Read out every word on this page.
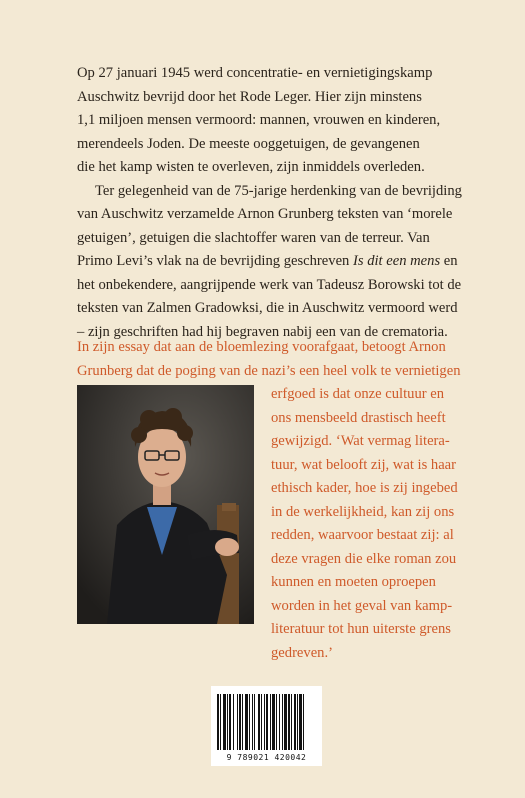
Op 27 januari 1945 werd concentratie- en vernietigingskamp
Auschwitz bevrijd door het Rode Leger. Hier zijn minstens
1,1 miljoen mensen vermoord: mannen, vrouwen en kinderen,
merendeels Joden. De meeste ooggetuigen, de gevangenen
die het kamp wisten te overleven, zijn inmiddels overleden.
Ter gelegenheid van de 75-jarige herdenking van de bevrijding
van Auschwitz verzamelde Arnon Grunberg teksten van ‘morele
getuigen’, getuigen die slachtoffer waren van de terreur. Van
Primo Levi’s vlak na de bevrijding geschreven Is dit een mens en
het onbekendere, aangrijpende werk van Tadeusz Borowski tot de
teksten van Zalmen Gradowksi, die in Auschwitz vermoord werd
– zijn geschriften had hij begraven nabij een van de crematoria.
In zijn essay dat aan de bloemlezing voorafgaat, betoogt Arnon
Grunberg dat de poging van de nazi’s een heel volk te vernietigen
erfgoed is dat onze cultuur en
ons mensbeeld drastisch heeft
gewijzigd. ‘Wat vermag litera-
tuur, wat belooft zij, wat is haar
ethisch kader, hoe is zij ingebed
in de werkelijkheid, kan zij ons
redden, waarvoor bestaat zij: al
deze vragen die elke roman zou
kunnen en moeten oproepen
worden in het geval van kamp-
literatuur tot hun uiterste grens
gedreven.’
9 789021 420042
